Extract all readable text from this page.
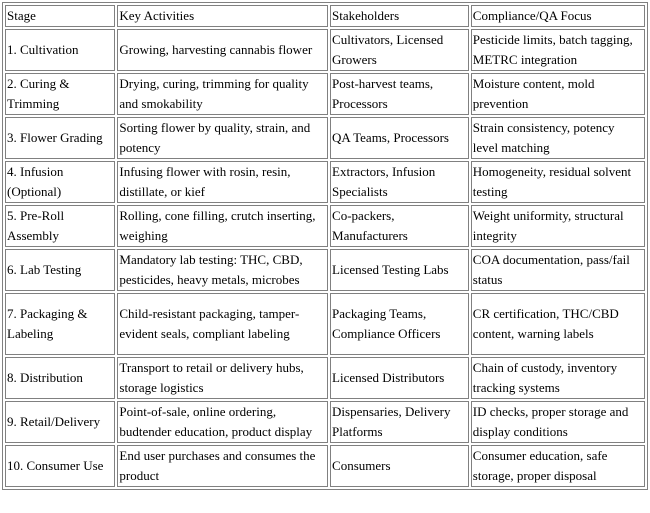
Stage	Key Activities	Stakeholders	Compliance/QA Focus
1. Cultivation	Growing, harvesting cannabis flower	Cultivators, Licensed Growers	Pesticide limits, batch tagging, METRC integration
2. Curing & Trimming	Drying, curing, trimming for quality and smokability	Post-harvest teams, Processors	Moisture content, mold prevention
3. Flower Grading	Sorting flower by quality, strain, and potency	QA Teams, Processors	Strain consistency, potency level matching
4. Infusion (Optional)	Infusing flower with rosin, resin, distillate, or kief	Extractors, Infusion Specialists	Homogeneity, residual solvent testing
5. Pre-Roll Assembly	Rolling, cone filling, crutch inserting, weighing	Co-packers, Manufacturers	Weight uniformity, structural integrity
6. Lab Testing	Mandatory lab testing: THC, CBD, pesticides, heavy metals, microbes	Licensed Testing Labs	COA documentation, pass/fail status
7. Packaging & Labeling	Child-resistant packaging, tamper-evident seals, compliant labeling	Packaging Teams, Compliance Officers	CR certification, THC/CBD content, warning labels
8. Distribution	Transport to retail or delivery hubs, storage logistics	Licensed Distributors	Chain of custody, inventory tracking systems
9. Retail/Delivery	Point-of-sale, online ordering, budtender education, product display	Dispensaries, Delivery Platforms	ID checks, proper storage and display conditions
10. Consumer Use	End user purchases and consumes the product	Consumers	Consumer education, safe storage, proper disposal
